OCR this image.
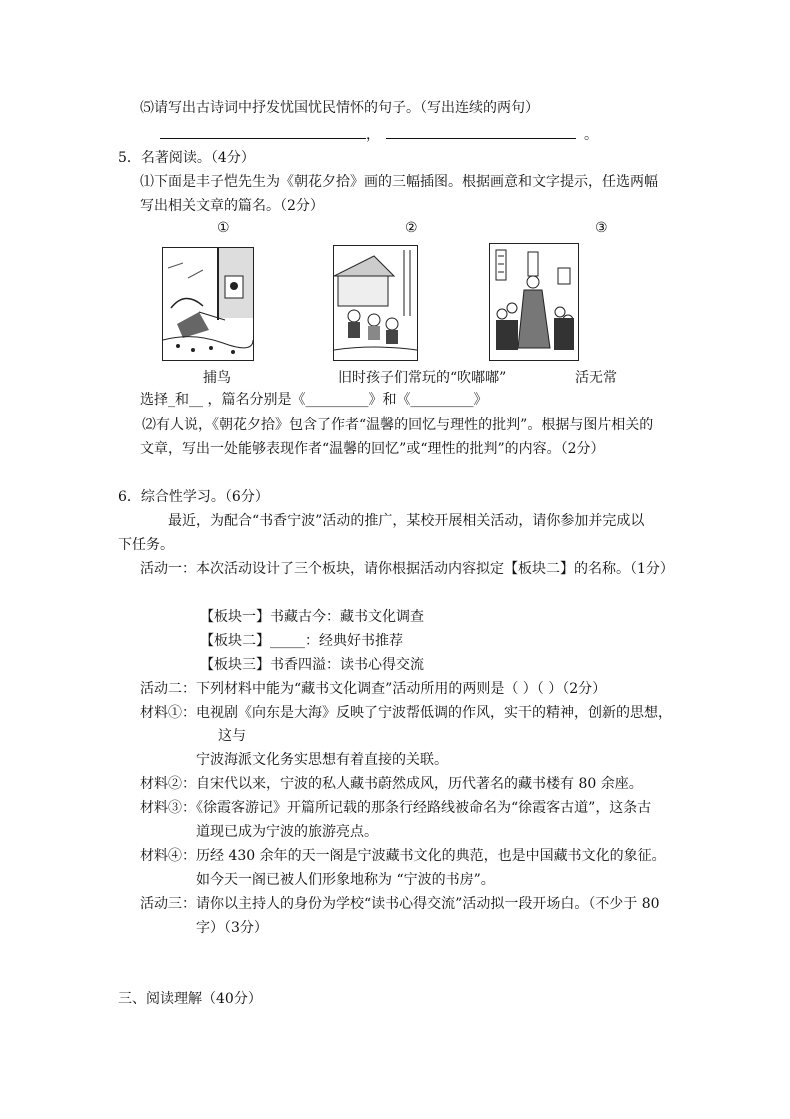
⑸请写出古诗词中抒发忧国忧民情怀的句子。（写出连续的两句）
，	。
5．名著阅读。（4分）
⑴下面是丰子恺先生为《朝花夕拾》画的三幅插图。根据画意和文字提示，任选两幅
写出相关文章的篇名。（2分）
①	②	③
捕鸟	旧时孩子们常玩的“吹嘟嘟”	活无常
选择_和__ ，篇名分别是《_________》和《_________》
⑵有人说，《朝花夕拾》包含了作者“温馨的回忆与理性的批判”。根据与图片相关的
文章，写出一处能够表现作者“温馨的回忆”或“理性的批判”的内容。（2分）
6．综合性学习。（6分）
最近，为配合“书香宁波”活动的推广，某校开展相关活动，请你参加并完成以
下任务。
活动一：本次活动设计了三个板块，请你根据活动内容拟定【板块二】的名称。（1分）
【板块一】书藏古今：藏书文化调查
【板块二】_____：经典好书推荐
【板块三】书香四溢：读书心得交流
活动二：下列材料中能为“藏书文化调查”活动所用的两则是（ ）（ ）（2分）
材料①：电视剧《向东是大海》反映了宁波帮低调的作风，实干的精神，创新的思想，
这与
宁波海派文化务实思想有着直接的关联。
材料②：自宋代以来，宁波的私人藏书蔚然成风，历代著名的藏书楼有 80 余座。
材料③：《徐霞客游记》开篇所记载的那条行经路线被命名为“徐霞客古道”，这条古
道现已成为宁波的旅游亮点。
材料④：历经 430 余年的天一阁是宁波藏书文化的典范，也是中国藏书文化的象征。
如今天一阁已被人们形象地称为 “宁波的书房”。
活动三：请你以主持人的身份为学校“读书心得交流”活动拟一段开场白。（不少于 80
字）（3分）
三、阅读理解（40分）
